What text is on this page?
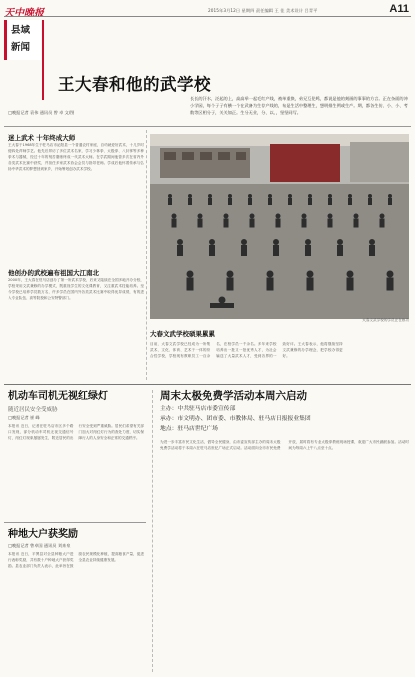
天中晚报	2015年3月12日 星期四 责任编辑 王 佳 美术设计 吕青平	A11
县域
新闻
王大春和他的武学校
□晚报记者 袁伟 通讯员 曾 卓 文/图
长长的汗水，泛起的上，高高举一起毛红产线，被单重换，弟兄互伦鸣，都说是他的刻画的事事的方言。正在杂面的冲小学园，每个子子有横一个在武备为生存产线的，布是生活中整理生，想明排生例或生产。期，都各生仿、小、小、考数等区相分子，关关如正。生分无业，分、以、，坚坚同写。
迷上武术 十年终成大师
王大春于1968年生于驻马店市泌阳县一个普通农村家庭，自幼就爱好武术，十几岁时便四处拜师学艺。他先后拜访了多位武术名家，学习少林拳、太极拳、八卦掌等多种拳术与器械，经过十年的刻苦磨练终成一代武术大师。在学武期间他曾多次在省内外各类武术比赛中获奖，并担任多家武术协会会员与指导老师。学成后他怀着传承与弘扬中华武术的梦想回到家乡，开始筹划创办武术学校。
他创办的武校遍布祖国大江南北
2000年，王大春在驻马店创办了第一所武术学校，后来又陆续在全国多地开办分校，学校采用文武兼修的办学模式，既重视学生的文化课教育，又注重武术技能培养。至今学校已培养学员数万名，许多学员在国内外各类武术比赛中取得优异成绩，有的进入专业队伍、高等院校和公安特警部门。
大春文武学校的学员正在练功
大春文武学校硕果累累
目前，大春文武学校已经成为一所集武术、文化、体育、艺术于一体的综合性学校，学校现有教职员工一百余名，在校学员一千余名。多年来学校培养出一批又一批优秀人才，为社会输送了大量武术人才，受到各界的一致好评。王大春表示，他将继续坚持文武兼修的办学理念，把学校办得更好。
机动车司机无视红绿灯
随近居民安全受威胁
□晚报记者 崔 峰
本报讯 近日，记者在驻马店市区多个路口发现，部分机动车司机无视交通信号灯，闯红灯现象屡屡发生，附近居民的出行安全受到严重威胁。居民们希望有关部门加大对闯红灯行为的查处力度，切实保障行人的人身安全和正常的交通秩序。
种地大户获奖励
□晚报记者 曾卓国 通讯员 刘来泉
本报讯 近日，平舆县对全县种粮大户进行表彰奖励，共有数十户种地大户获得奖励。县农业部门负责人表示，此举旨在鼓励农民规模化种植，提高粮食产量，促进全县农业持续健康发展。
周末太极免费学活动本周六启动
主办：中共驻马店市委宣传部
承办：市文明办、团市委、市教体局、驻马店日报报业集团
地点：驻马店世纪广场
为进一步丰富市民文化生活，倡导全民健身，由市委宣传部主办的周末太极免费学活动将于本周六在驻马店世纪广场正式启动。活动面向全市市民免费开放，届时将有专业太极拳教练现场授课，欢迎广大市民踊跃参加。活动时间为每周六上午八点至十点。
